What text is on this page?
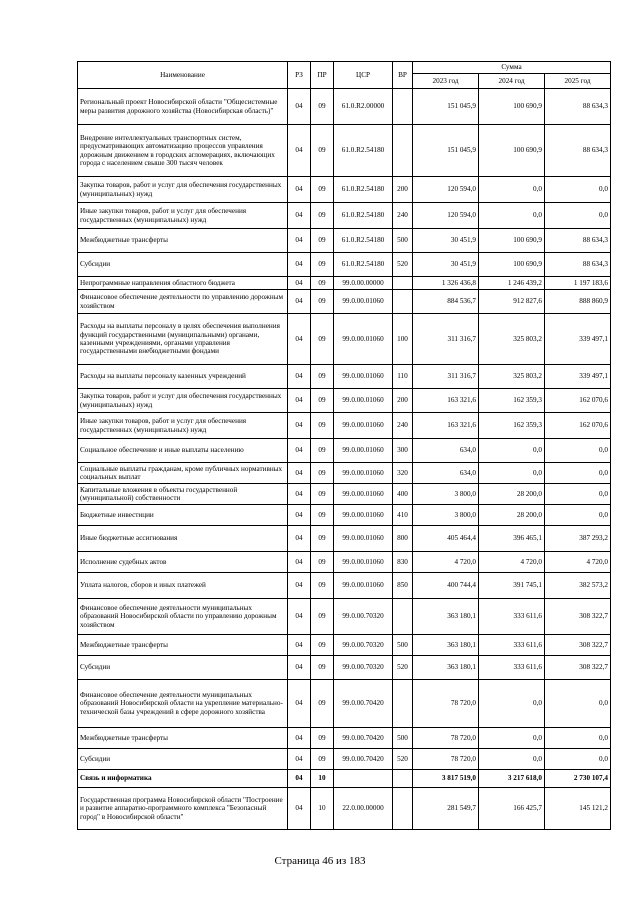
Наименование	РЗ	ПР	ЦСР	ВР	Сумма		
					2023 год	2024 год	2025 год
Региональный проект Новосибирской области "Общесистемные меры развития дорожного хозяйства (Новосибирская область)"	04	09	61.0.R2.00000		151 045,9	100 690,9	88 634,3
Внедрение интеллектуальных транспортных систем, предусматривающих автоматизацию процессов управления дорожным движением в городских агломерациях, включающих города с населением свыше 300 тысяч человек	04	09	61.0.R2.54180		151 045,9	100 690,9	88 634,3
Закупка товаров, работ и услуг для обеспечения государственных (муниципальных) нужд	04	09	61.0.R2.54180	200	120 594,0	0,0	0,0
Иные закупки товаров, работ и услуг для обеспечения государственных (муниципальных) нужд	04	09	61.0.R2.54180	240	120 594,0	0,0	0,0
Межбюджетные трансферты	04	09	61.0.R2.54180	500	30 451,9	100 690,9	88 634,3
Субсидии	04	09	61.0.R2.54180	520	30 451,9	100 690,9	88 634,3
Непрограммные направления областного бюджета	04	09	99.0.00.00000		1 326 436,8	1 246 439,2	1 197 183,6
Финансовое обеспечение деятельности по управлению дорожным хозяйством	04	09	99.0.00.01060		884 536,7	912 827,6	888 860,9
Расходы на выплаты персоналу в целях обеспечения выполнения функций государственными (муниципальными) органами, казенными учреждениями, органами управления государственными внебюджетными фондами	04	09	99.0.00.01060	100	311 316,7	325 803,2	339 497,1
Расходы на выплаты персоналу казенных учреждений	04	09	99.0.00.01060	110	311 316,7	325 803,2	339 497,1
Закупка товаров, работ и услуг для обеспечения государственных (муниципальных) нужд	04	09	99.0.00.01060	200	163 321,6	162 359,3	162 070,6
Иные закупки товаров, работ и услуг для обеспечения государственных (муниципальных) нужд	04	09	99.0.00.01060	240	163 321,6	162 359,3	162 070,6
Социальное обеспечение и иные выплаты населению	04	09	99.0.00.01060	300	634,0	0,0	0,0
Социальные выплаты гражданам, кроме публичных нормативных социальных выплат	04	09	99.0.00.01060	320	634,0	0,0	0,0
Капитальные вложения в объекты государственной (муниципальной) собственности	04	09	99.0.00.01060	400	3 800,0	28 200,0	0,0
Бюджетные инвестиции	04	09	99.0.00.01060	410	3 800,0	28 200,0	0,0
Иные бюджетные ассигнования	04	09	99.0.00.01060	800	405 464,4	396 465,1	387 293,2
Исполнение судебных актов	04	09	99.0.00.01060	830	4 720,0	4 720,0	4 720,0
Уплата налогов, сборов и иных платежей	04	09	99.0.00.01060	850	400 744,4	391 745,1	382 573,2
Финансовое обеспечение деятельности муниципальных образований Новосибирской области по управлению дорожным хозяйством	04	09	99.0.00.70320		363 180,1	333 611,6	308 322,7
Межбюджетные трансферты	04	09	99.0.00.70320	500	363 180,1	333 611,6	308 322,7
Субсидии	04	09	99.0.00.70320	520	363 180,1	333 611,6	308 322,7
Финансовое обеспечение деятельности муниципальных образований Новосибирской области на укрепление материально-технической базы учреждений в сфере дорожного хозяйства	04	09	99.0.00.70420		78 720,0	0,0	0,0
Межбюджетные трансферты	04	09	99.0.00.70420	500	78 720,0	0,0	0,0
Субсидии	04	09	99.0.00.70420	520	78 720,0	0,0	0,0
Связь и информатика	04	10			3 817 519,0	3 217 618,0	2 730 107,4
Государственная программа Новосибирской области "Построение и развитие аппаратно-программного комплекса "Безопасный город" в Новосибирской области"	04	10	22.0.00.00000		281 549,7	166 425,7	145 121,2
Страница 46 из 183
